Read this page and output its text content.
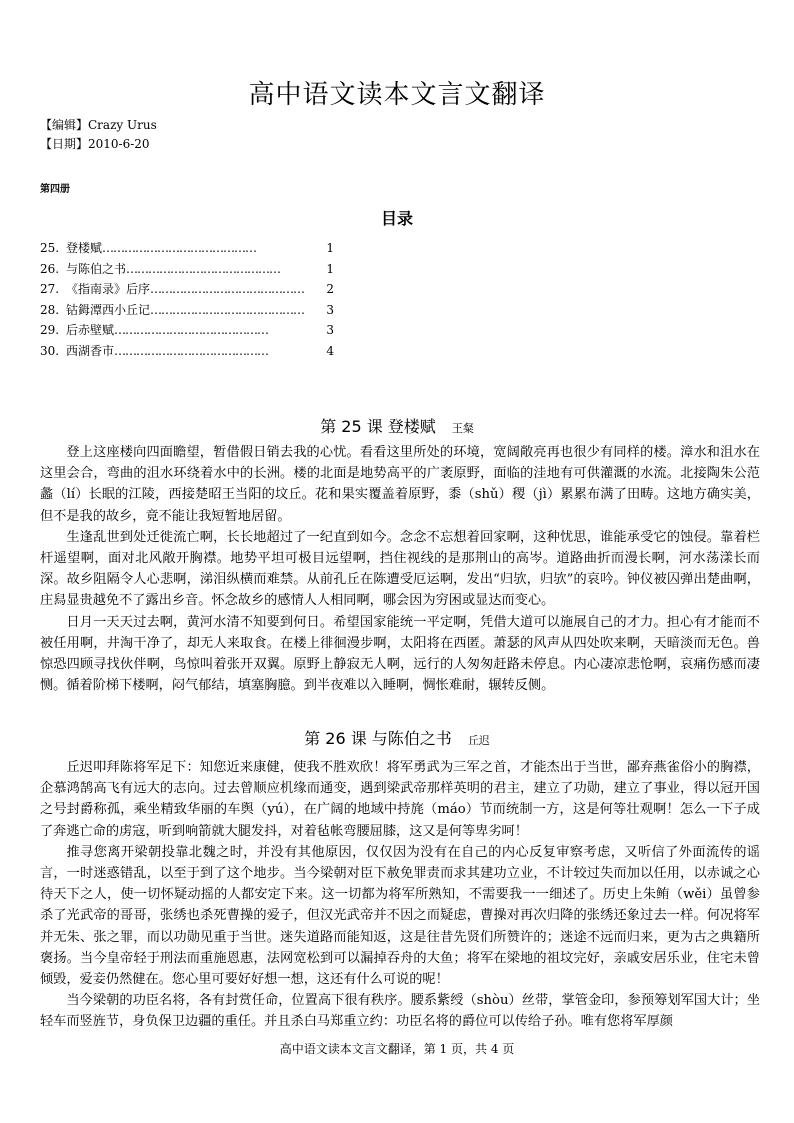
高中语文读本文言文翻译
【编辑】Crazy Urus
【日期】2010-6-20
第四册
目录
25. 登楼赋 ……………………………………	1
26. 与陈伯之书 ……………………………………	1
27. 《指南录》后序 ……………………………………	2
28. 钴鉧潭西小丘记 ……………………………………	3
29. 后赤壁赋 ……………………………………	3
30. 西湖香市 ……………………………………	4
第 25 课 登楼赋 王粲

登上这座楼向四面瞻望，暂借假日销去我的心忧。看看这里所处的环境，宽阔敞亮再也很少有同样的楼。漳水和沮水在这里会合，弯曲的沮水环绕着水中的长洲。楼的北面是地势高平的广袤原野，面临的洼地有可供灌溉的水流。北接陶朱公范蠡（lí）长眠的江陵，西接楚昭王当阳的坟丘。花和果实覆盖着原野，黍（shǔ）稷（jì）累累布满了田畴。这地方确实美，但不是我的故乡，竟不能让我短暂地居留。

生逢乱世到处迁徙流亡啊，长长地超过了一纪直到如今。念念不忘想着回家啊，这种忧思，谁能承受它的蚀侵。靠着栏杆遥望啊，面对北风敞开胸襟。地势平坦可极目远望啊，挡住视线的是那荆山的高岑。道路曲折而漫长啊，河水荡漾长而深。故乡阻隔令人心悲啊，涕泪纵横而难禁。从前孔丘在陈遭受厄运啊，发出“归欤，归欤”的哀吟。钟仪被囚弹出楚曲啊，庄舄显贵越免不了露出乡音。怀念故乡的感情人人相同啊，哪会因为穷困或显达而变心。

日月一天天过去啊，黄河水清不知要到何日。希望国家能统一平定啊，凭借大道可以施展自己的才力。担心有才能而不被任用啊，井淘干净了，却无人来取食。在楼上徘徊漫步啊，太阳将在西匿。萧瑟的风声从四处吹来啊，天暗淡而无色。兽惊恐四顾寻找伙伴啊，鸟惊叫着张开双翼。原野上静寂无人啊，远行的人匆匆赶路未停息。内心凄凉悲怆啊，哀痛伤感而凄恻。循着阶梯下楼啊，闷气郁结，填塞胸臆。到半夜难以入睡啊，惆怅难耐，辗转反侧。

第 26 课 与陈伯之书 丘迟

丘迟叩拜陈将军足下：知您近来康健，使我不胜欢欣！将军勇武为三军之首，才能杰出于当世，鄙弃燕雀俗小的胸襟，企慕鸿鹄高飞有远大的志向。过去曾顺应机缘而通变，遇到梁武帝那样英明的君主，建立了功勋，建立了事业，得以冠开国之号封爵称孤，乘坐精致华丽的车舆（yú），在广阔的地域中持旄（máo）节而统制一方，这是何等壮观啊！怎么一下子成了奔逃亡命的虏寇，听到响箭就大腿发抖，对着毡帐弯腰屈膝，这又是何等卑劣呵！

推寻您离开梁朝投靠北魏之时，并没有其他原因，仅仅因为没有在自己的内心反复审察考虑，又听信了外面流传的谣言，一时迷惑错乱，以至于到了这个地步。当今梁朝对臣下赦免罪责而求其建功立业，不计较过失而加以任用，以赤诚之心待天下之人，使一切怀疑动摇的人都安定下来。这一切都为将军所熟知，不需要我一一细述了。历史上朱鲔（wěi）虽曾参杀了光武帝的哥哥，张绣也杀死曹操的爱子，但汉光武帝并不因之而疑虑，曹操对再次归降的张绣还象过去一样。何况将军并无朱、张之罪，而以功勋见重于当世。迷失道路而能知返，这是往昔先贤们所赞许的；迷途不远而归来，更为古之典籍所褒扬。当今皇帝轻于刑法而重施恩惠，法网宽松到可以漏掉吞舟的大鱼；将军在梁地的祖坟完好，亲戚安居乐业，住宅未曾倾毁，爱妾仍然健在。您心里可要好好想一想，这还有什么可说的呢！

当今梁朝的功臣名将，各有封赏任命，位置高下很有秩序。腰系紫绶（shòu）丝带，掌管金印，参预筹划军国大计；坐轻车而竖旌节，身负保卫边疆的重任。并且杀白马郑重立约：功臣名将的爵位可以传给子孙。唯有您将军厚颜

高中语文读本文言文翻译，第 1 页，共 4 页
